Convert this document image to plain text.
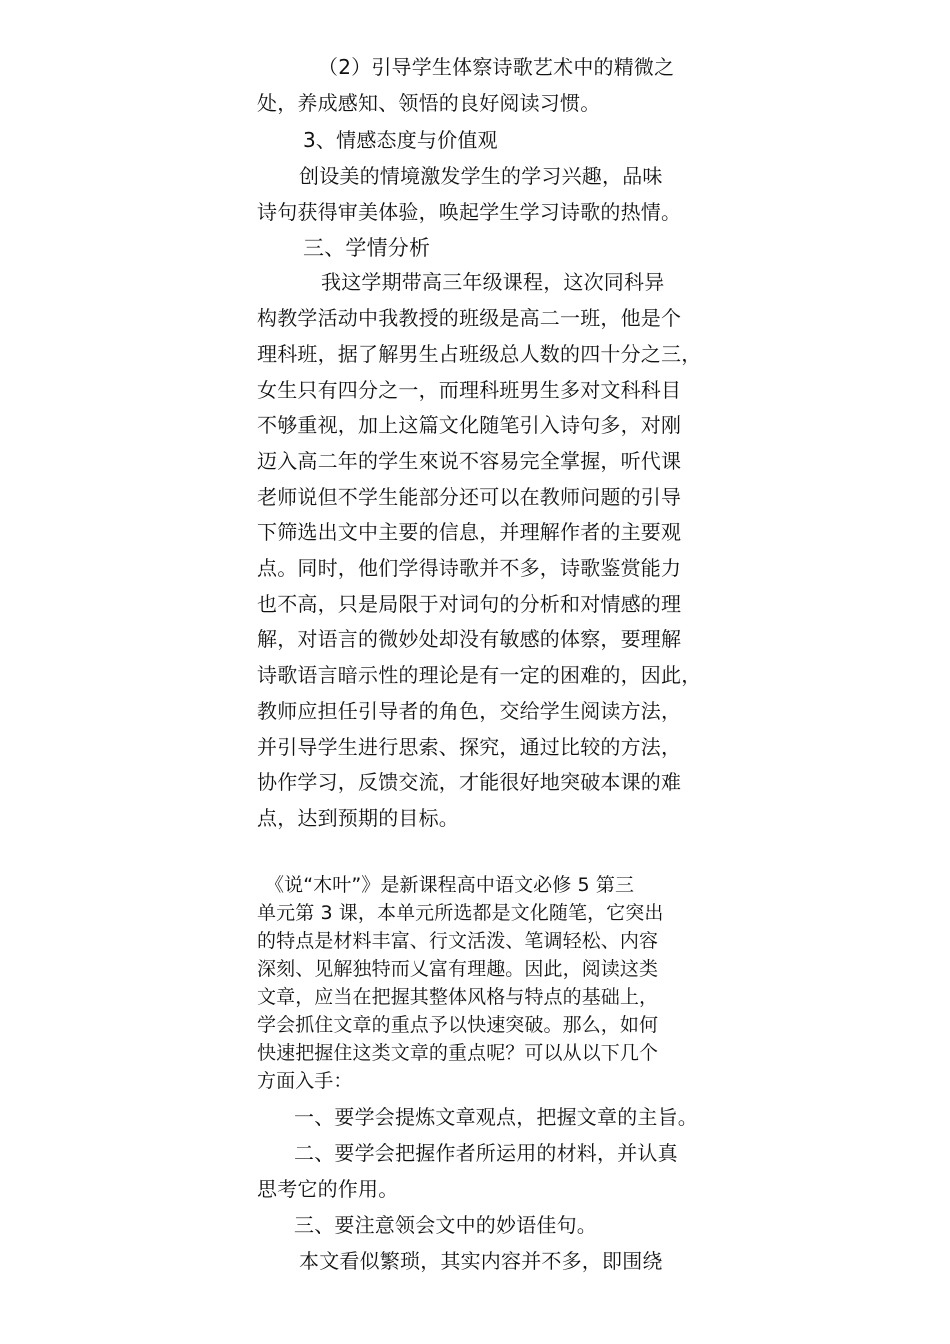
（2）引导学生体察诗歌艺术中的精微之
处，养成感知、领悟的良好阅读习惯。
3、情感态度与价值观
创设美的情境激发学生的学习兴趣，品味
诗句获得审美体验，唤起学生学习诗歌的热情。
三、学情分析
我这学期带高三年级课程，这次同科异
构教学活动中我教授的班级是高二一班，他是个
理科班，据了解男生占班级总人数的四十分之三，
女生只有四分之一，而理科班男生多对文科科目
不够重视，加上这篇文化随笔引入诗句多，对刚
迈入高二年的学生來说不容易完全掌握，听代课
老师说但不学生能部分还可以在教师问题的引导
下筛选出文中主要的信息，并理解作者的主要观
点。同时，他们学得诗歌并不多，诗歌鉴赏能力
也不高，只是局限于对词句的分析和对情感的理
解，对语言的微妙处却没有敏感的体察，要理解
诗歌语言暗示性的理论是有一定的困难的，因此，
教师应担任引导者的角色，交给学生阅读方法，
并引导学生进行思索、探究，通过比较的方法，
协作学习，反馈交流，才能很好地突破本课的难
点，达到预期的目标。
《说“木叶”》是新课程高中语文必修 5 第三
单元第 3 课，本单元所选都是文化随笔，它突出
的特点是材料丰富、行文活泼、笔调轻松、内容
深刻、见解独特而乂富有理趣。因此，阅读这类
文章，应当在把握其整体风格与特点的基础上，
学会抓住文章的重点予以快速突破。那么，如何
快速把握住这类文章的重点呢？可以从以下几个
方面入手：
一、要学会提炼文章观点，把握文章的主旨。
二、要学会把握作者所运用的材料，并认真
思考它的作用。
三、要注意领会文中的妙语佳句。
本文看似繁琐，其实内容并不多，即围绕
